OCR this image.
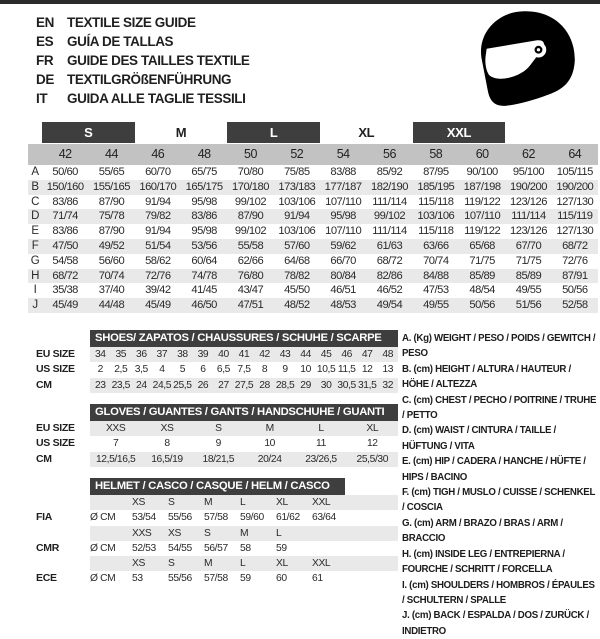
EN TEXTILE SIZE GUIDE
ES	GUÍA DE TALLAS
FR	GUIDE DES TAILLES TEXTILE
DE TEXTILGRÖßENFÜHRUNG
IT	GUIDA ALLE TAGLIE TESSILI
S	M	L	XL	XXL
42	44	46	48	50	52	54	56	58	60	62	64
A	50/60	55/65	60/70	65/75	70/80	75/85	83/88	85/92	87/95	90/100	95/100	105/115
B 150/160 155/165 160/170 165/175 170/180 173/183 177/187 182/190 185/195 187/198 190/200 190/200
C	83/86	87/90	91/94	95/98	99/102	103/106 107/110 111/114	115/118 119/122 123/126 127/130
D	71/74	75/78	79/82	83/86	87/90	91/94	95/98	99/102	103/106 107/110 111/114	115/119
E	83/86	87/90	91/94	95/98	99/102	103/106 107/110 111/114	115/118 119/122 123/126 127/130
F	47/50	49/52	51/54	53/56	55/58	57/60	59/62	61/63	63/66	65/68	67/70	68/72
G	54/58	56/60	58/62	60/64	62/66	64/68	66/70	68/72	70/74	71/75	71/75	72/76
H	68/72	70/74	72/76	74/78	76/80	78/82	80/84	82/86	84/88	85/89	85/89	87/91
I	35/38	37/40	39/42	41/45	43/47	45/50	46/51	46/52	47/53	48/54	49/55	50/56
J	45/49	44/48	45/49	46/50	47/51	48/52	48/53	49/54	49/55	50/56	51/56	52/58
SHOES/ ZAPATOS / CHAUSSURES / SCHUHE / SCARPE
EU SIZE	34 35 36 37 38 39 40 41 42 43 44 45 46 47 48
US SIZE	2	2,5 3,5	4	5	6	6,5 7,5	8	9	10 10,5 11,5 12 13
CM	23 23,5 24 24,5 25,5 26 27 27,5 28 28,5 29 30 30,5 31,5 32
GLOVES / GUANTES / GANTS / HANDSCHUHE / GUANTI
EU SIZE	XXS	XS	S	M	L	XL
US SIZE	7	8	9	10	11	12
CM	12,5/16,5	16,5/19	18/21,5	20/24	23/26,5	25,5/30
HELMET / CASCO / CASQUE / HELM / CASCO
XS	S	M	L	XL	XXL
FIA	Ø CM	53/54	55/56	57/58	59/60	61/62	63/64
XXS	XS	S	M	L
CMR	Ø CM	52/53	54/55	56/57	58	59
XS	S	M	L	XL	XXL
ECE	Ø CM	53	55/56	57/58	59	60	61
A. (Kg) WEIGHT / PESO / POIDS / GEWITCH / PESO
B. (cm) HEIGHT / ALTURA / HAUTEUR / HÖHE / ALTEZZA
C. (cm) CHEST / PECHO / POITRINE / TRUHE / PETTO
D. (cm) WAIST / CINTURA / TAILLE / HÜFTUNG / VITA
E. (cm) HIP / CADERA / HANCHE / HÜFTE / HIPS / BACINO
F. (cm) TIGH / MUSLO / CUISSE / SCHENKEL / COSCIA
G. (cm) ARM / BRAZO / BRAS / ARM / BRACCIO
H. (cm) INSIDE LEG / ENTREPIERNA / FOURCHE / SCHRITT / FORCELLA
I. (cm) SHOULDERS / HOMBROS / ÉPAULES / SCHULTERN / SPALLE
J. (cm) BACK / ESPALDA / DOS / ZURÜCK / INDIETRO
